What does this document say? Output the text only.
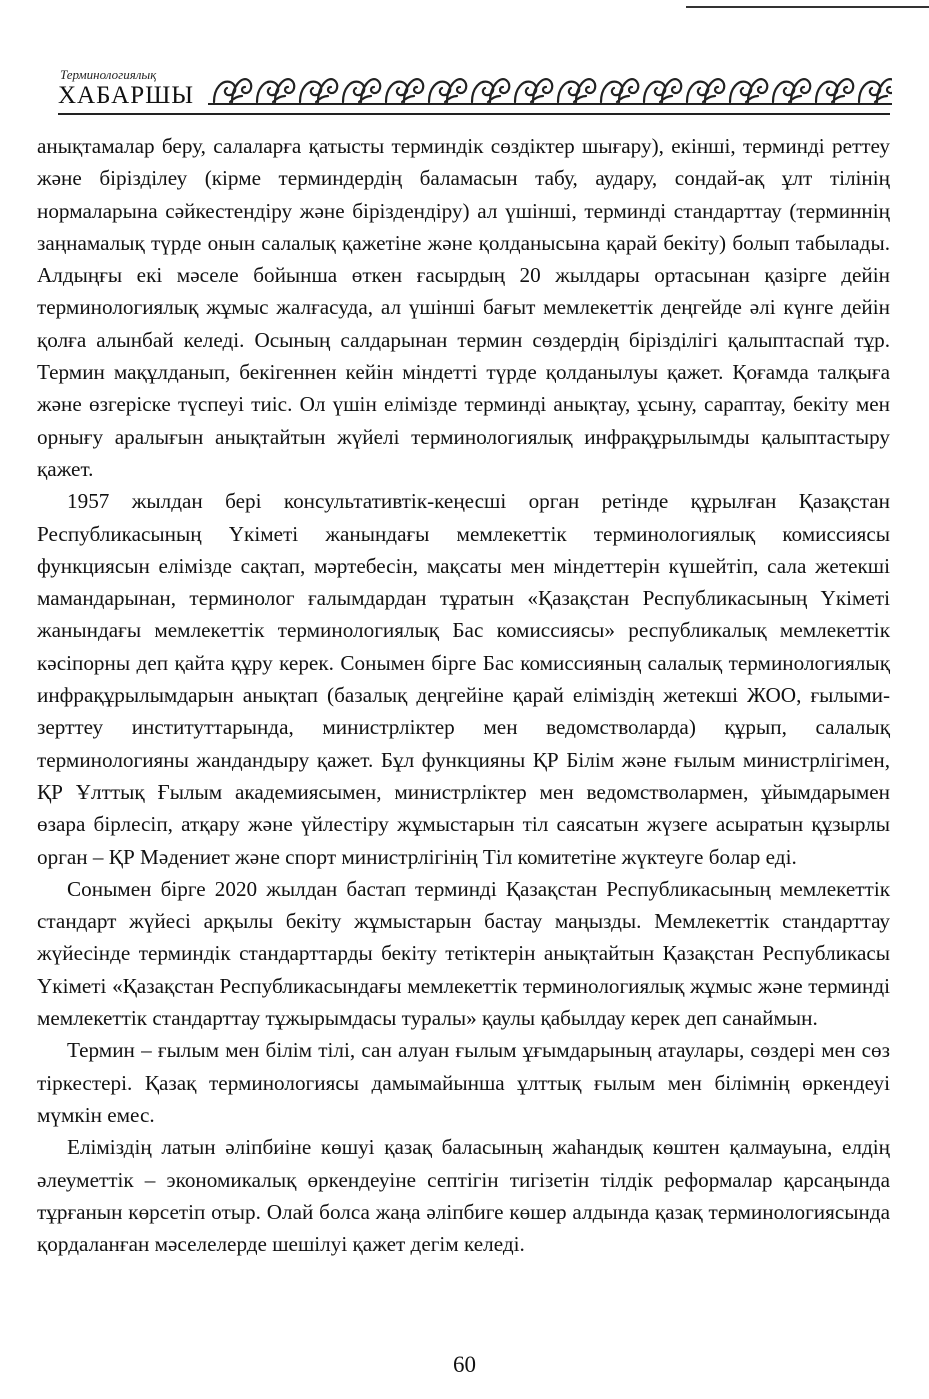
Терминологиялық
ХАБАРШЫ

анықтамалар беру, салаларға қатысты терминдік сөздіктер шығару), екінші, терминді реттеу және біріздiлеу (кірме терминдердің баламасын табу, аудару, сондай-ақ ұлт тілінің нормаларына сәйкестендіру және біріздендіру) ал үшінші, терминді стандарттау (терминнің заңнамалық түрде онын салалық қажетіне және қолданысына қарай бекіту) болып табылады. Алдыңғы екі мәселе бойынша өткен ғасырдың 20 жылдары ортасынан қазірге дейін терминологиялық жұмыс жалғасуда, ал үшінші бағыт мемлекеттік деңгейде әлі күнге дейін қолға алынбай келеді. Осының салдарынан термин сөздердің біріздiлігі қалыптаспай тұр. Термин мақұлданып, бекігеннен кейін міндетті түрде қолданылуы қажет. Қоғамда талқыға және өзгеріске түспеуі тиіс. Ол үшін елімізде терминді анықтау, ұсыну, сараптау, бекіту мен орнығу аралығын анықтайтын жүйелі терминологиялық инфрақұрылымды қалыптастыру қажет.

1957 жылдан бері консультативтік-кеңесші орган ретінде құрылған Қазақстан Республикасының Үкіметі жанындағы мемлекеттік терминологиялық комиссиясы функциясын елімізде сақтап, мәртебесін, мақсаты мен міндеттерін күшейтіп, сала жетекші мамандарынан, терминолог ғалымдардан тұратын «Қазақстан Республикасының Үкіметі жанындағы мемлекеттік терминологиялық Бас комиссиясы» республикалық мемлекеттік кәсіпорны деп қайта құру керек. Сонымен бірге Бас комиссияның салалық терминологиялық инфрақұрылымдарын анықтап (базалық деңгейіне қарай еліміздің жетекші ЖОО, ғылыми-зерттеу институттарында, министрліктер мен ведомстволарда) құрып, салалық терминологияны жандандыру қажет. Бұл функцияны ҚР Білім және ғылым министрлігімен, ҚР Ұлттық Ғылым академиясымен, министрліктер мен ведомстволармен, ұйымдарымен өзара бірлесіп, атқару және үйлестіру жұмыстарын тіл саясатын жүзеге асыратын құзырлы орган – ҚР Мәдениет және спорт министрлігінің Тіл комитетіне жүктеуге болар еді.

Сонымен бірге 2020 жылдан бастап терминді Қазақстан Республикасының мемлекеттік стандарт жүйесі арқылы бекіту жұмыстарын бастау маңызды. Мемлекеттік стандарттау жүйесінде терминдік стандарттарды бекіту тетіктерін анықтайтын Қазақстан Республикасы Үкіметі «Қазақстан Республикасындағы мемлекеттік терминологиялық жұмыс және терминді мемлекеттік стандарттау тұжырымдасы туралы» қаулы қабылдау керек деп санаймын.

Термин – ғылым мен білім тілі, сан алуан ғылым ұғымдарының атаулары, сөздері мен сөз тіркестері. Қазақ терминологиясы дамымайынша ұлттық ғылым мен білімнің өркендеуі мүмкін емес.

Еліміздің латын әліпбиіне көшуі қазақ баласының жаһандық көштен қалмауына, елдің әлеуметтік – экономикалық өркендеуіне септігін тигізетін тілдік реформалар қарсаңында тұрғанын көрсетіп отыр. Олай болса жаңа әліпбиге көшер алдында қазақ терминологиясында қордаланған мәселелерде шешілуі қажет дегім келеді.

60
